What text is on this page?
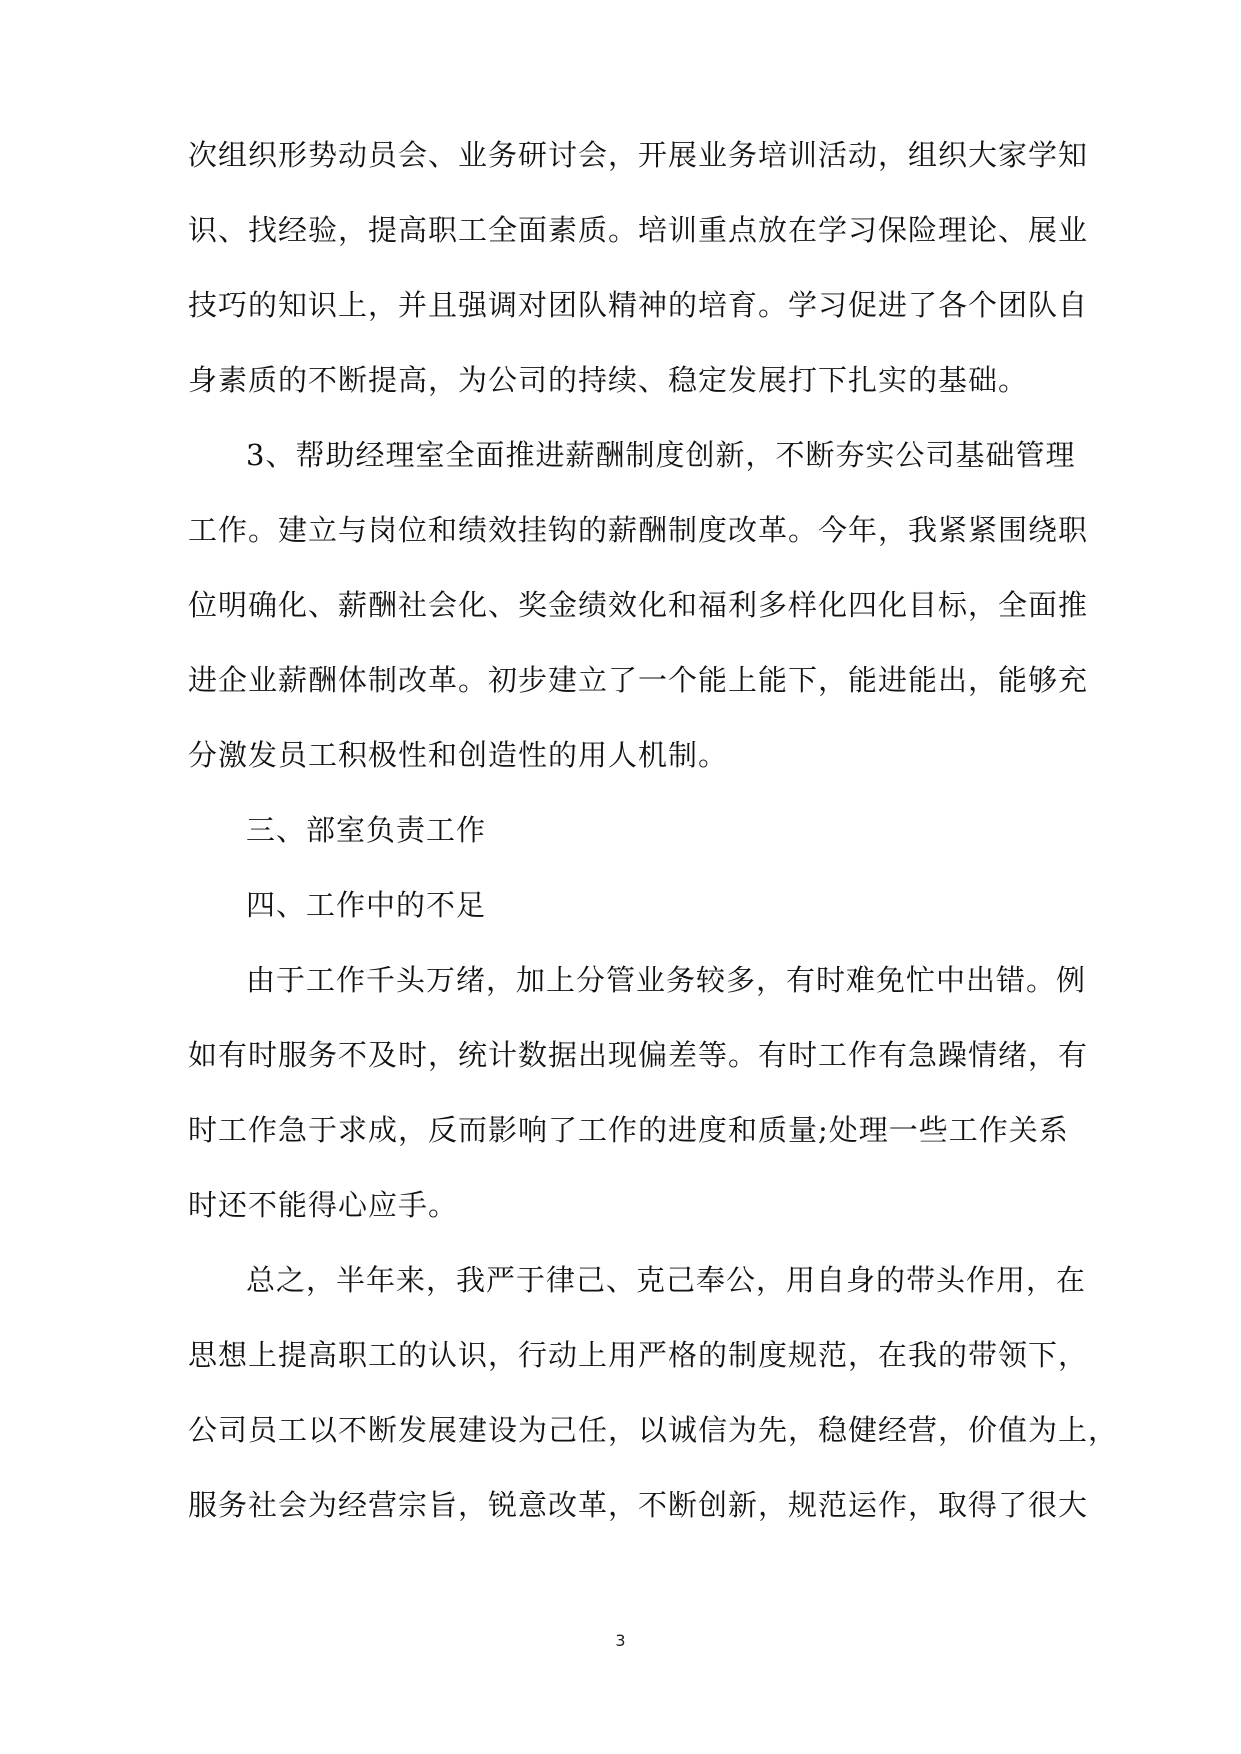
次组织形势动员会、业务研讨会，开展业务培训活动，组织大家学知
识、找经验，提高职工全面素质。培训重点放在学习保险理论、展业
技巧的知识上，并且强调对团队精神的培育。学习促进了各个团队自
身素质的不断提高，为公司的持续、稳定发展打下扎实的基础。
3、帮助经理室全面推进薪酬制度创新，不断夯实公司基础管理
工作。建立与岗位和绩效挂钩的薪酬制度改革。今年，我紧紧围绕职
位明确化、薪酬社会化、奖金绩效化和福利多样化四化目标，全面推
进企业薪酬体制改革。初步建立了一个能上能下，能进能出，能够充
分激发员工积极性和创造性的用人机制。
三、部室负责工作
四、工作中的不足
由于工作千头万绪，加上分管业务较多，有时难免忙中出错。例
如有时服务不及时，统计数据出现偏差等。有时工作有急躁情绪，有
时工作急于求成，反而影响了工作的进度和质量;处理一些工作关系
时还不能得心应手。
总之，半年来，我严于律己、克己奉公，用自身的带头作用，在
思想上提高职工的认识，行动上用严格的制度规范，在我的带领下，
公司员工以不断发展建设为己任，以诚信为先，稳健经营，价值为上，
服务社会为经营宗旨，锐意改革，不断创新，规范运作，取得了很大
3
